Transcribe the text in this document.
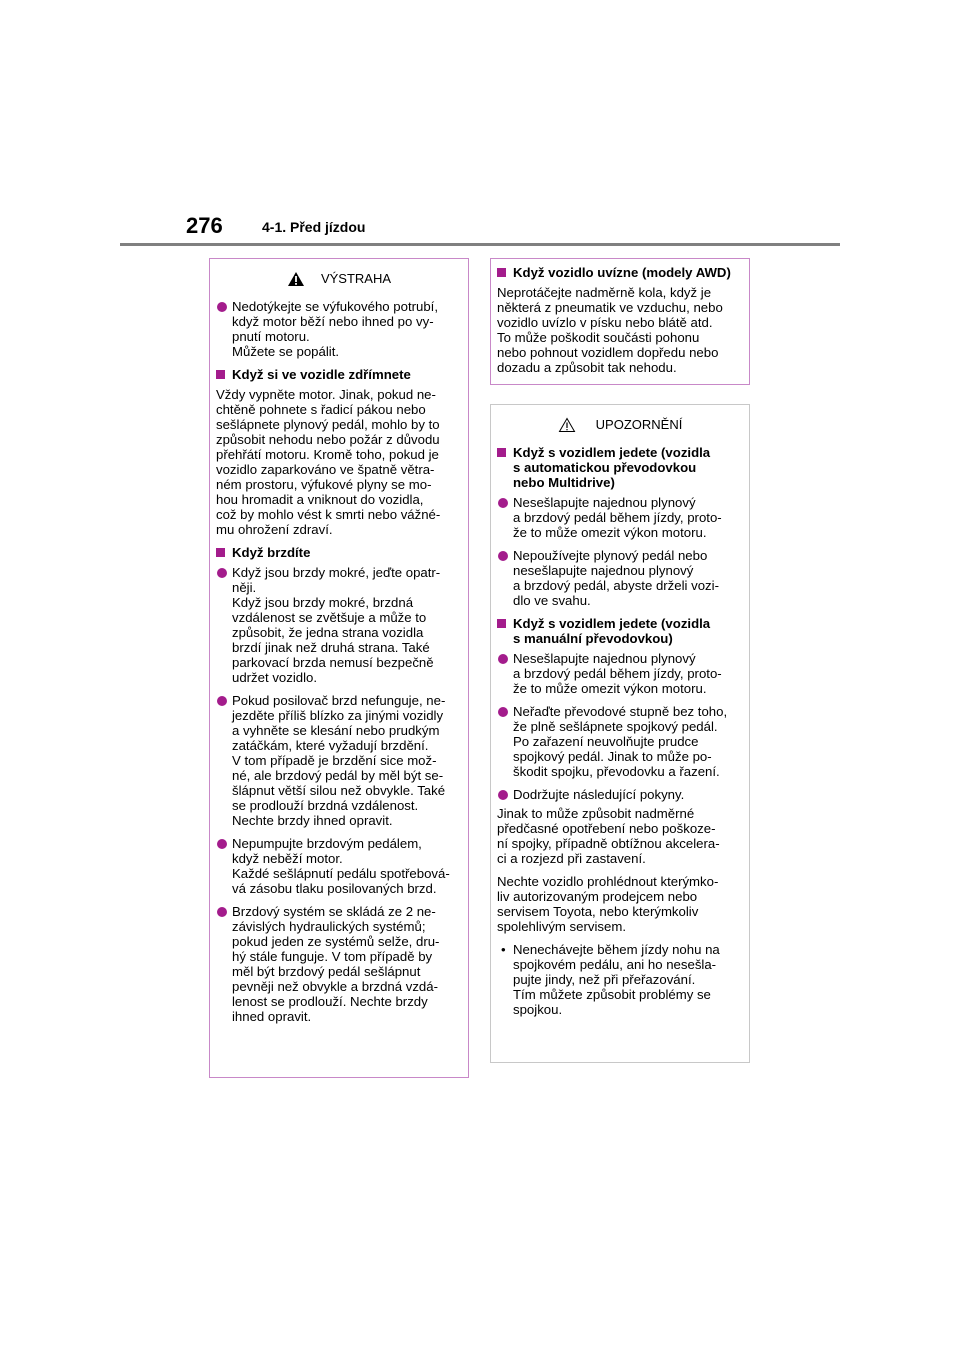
276	4-1. Před jízdou
VÝSTRAHA
Nedotýkejte se výfukového potrubí,
když motor běží nebo ihned po vy-
pnutí motoru.
Můžete se popálit.
Když si ve vozidle zdřímnete
Vždy vypněte motor. Jinak, pokud ne-
chtěně pohnete s řadicí pákou nebo
sešlápnete plynový pedál, mohlo by to
způsobit nehodu nebo požár z důvodu
přehřátí motoru. Kromě toho, pokud je
vozidlo zaparkováno ve špatně větra-
ném prostoru, výfukové plyny se mo-
hou hromadit a vniknout do vozidla,
což by mohlo vést k smrti nebo vážné-
mu ohrožení zdraví.
Když brzdíte
Když jsou brzdy mokré, jeďte opatr-
něji.
Když jsou brzdy mokré, brzdná
vzdálenost se zvětšuje a může to
způsobit, že jedna strana vozidla
brzdí jinak než druhá strana. Také
parkovací brzda nemusí bezpečně
udržet vozidlo.
Pokud posilovač brzd nefunguje, ne-
jezděte příliš blízko za jinými vozidly
a vyhněte se klesání nebo prudkým
zatáčkám, které vyžadují brzdění.
V tom případě je brzdění sice mož-
né, ale brzdový pedál by měl být se-
šlápnut větší silou než obvykle. Také
se prodlouží brzdná vzdálenost.
Nechte brzdy ihned opravit.
Nepumpujte brzdovým pedálem,
když neběží motor.
Každé sešlápnutí pedálu spotřebová-
vá zásobu tlaku posilovaných brzd.
Brzdový systém se skládá ze 2 ne-
závislých hydraulických systémů;
pokud jeden ze systémů selže, dru-
hý stále funguje. V tom případě by
měl být brzdový pedál sešlápnut
pevněji než obvykle a brzdná vzdá-
lenost se prodlouží. Nechte brzdy
ihned opravit.
Když vozidlo uvízne (modely AWD)
Neprotáčejte nadměrně kola, když je
některá z pneumatik ve vzduchu, nebo
vozidlo uvízlo v písku nebo blátě atd.
To může poškodit součásti pohonu
nebo pohnout vozidlem dopředu nebo
dozadu a způsobit tak nehodu.
UPOZORNĚNÍ
Když s vozidlem jedete (vozidla
s automatickou převodovkou
nebo Multidrive)
Nesešlapujte najednou plynový
a brzdový pedál během jízdy, proto-
že to může omezit výkon motoru.
Nepoužívejte plynový pedál nebo
nesešlapujte najednou plynový
a brzdový pedál, abyste drželi vozi-
dlo ve svahu.
Když s vozidlem jedete (vozidla
s manuální převodovkou)
Nesešlapujte najednou plynový
a brzdový pedál během jízdy, proto-
že to může omezit výkon motoru.
Neřaďte převodové stupně bez toho,
že plně sešlápnete spojkový pedál.
Po zařazení neuvolňujte prudce
spojkový pedál. Jinak to může po-
škodit spojku, převodovku a řazení.
Dodržujte následující pokyny.
Jinak to může způsobit nadměrné
předčasné opotřebení nebo poškoze-
ní spojky, případně obtížnou akcelera-
ci a rozjezd při zastavení.
Nechte vozidlo prohlédnout kterýmko-
liv autorizovaným prodejcem nebo
servisem Toyota, nebo kterýmkoliv
spolehlivým servisem.
• Nenechávejte během jízdy nohu na
spojkovém pedálu, ani ho nesešla-
pujte jindy, než při přeřazování.
Tím můžete způsobit problémy se
spojkou.
